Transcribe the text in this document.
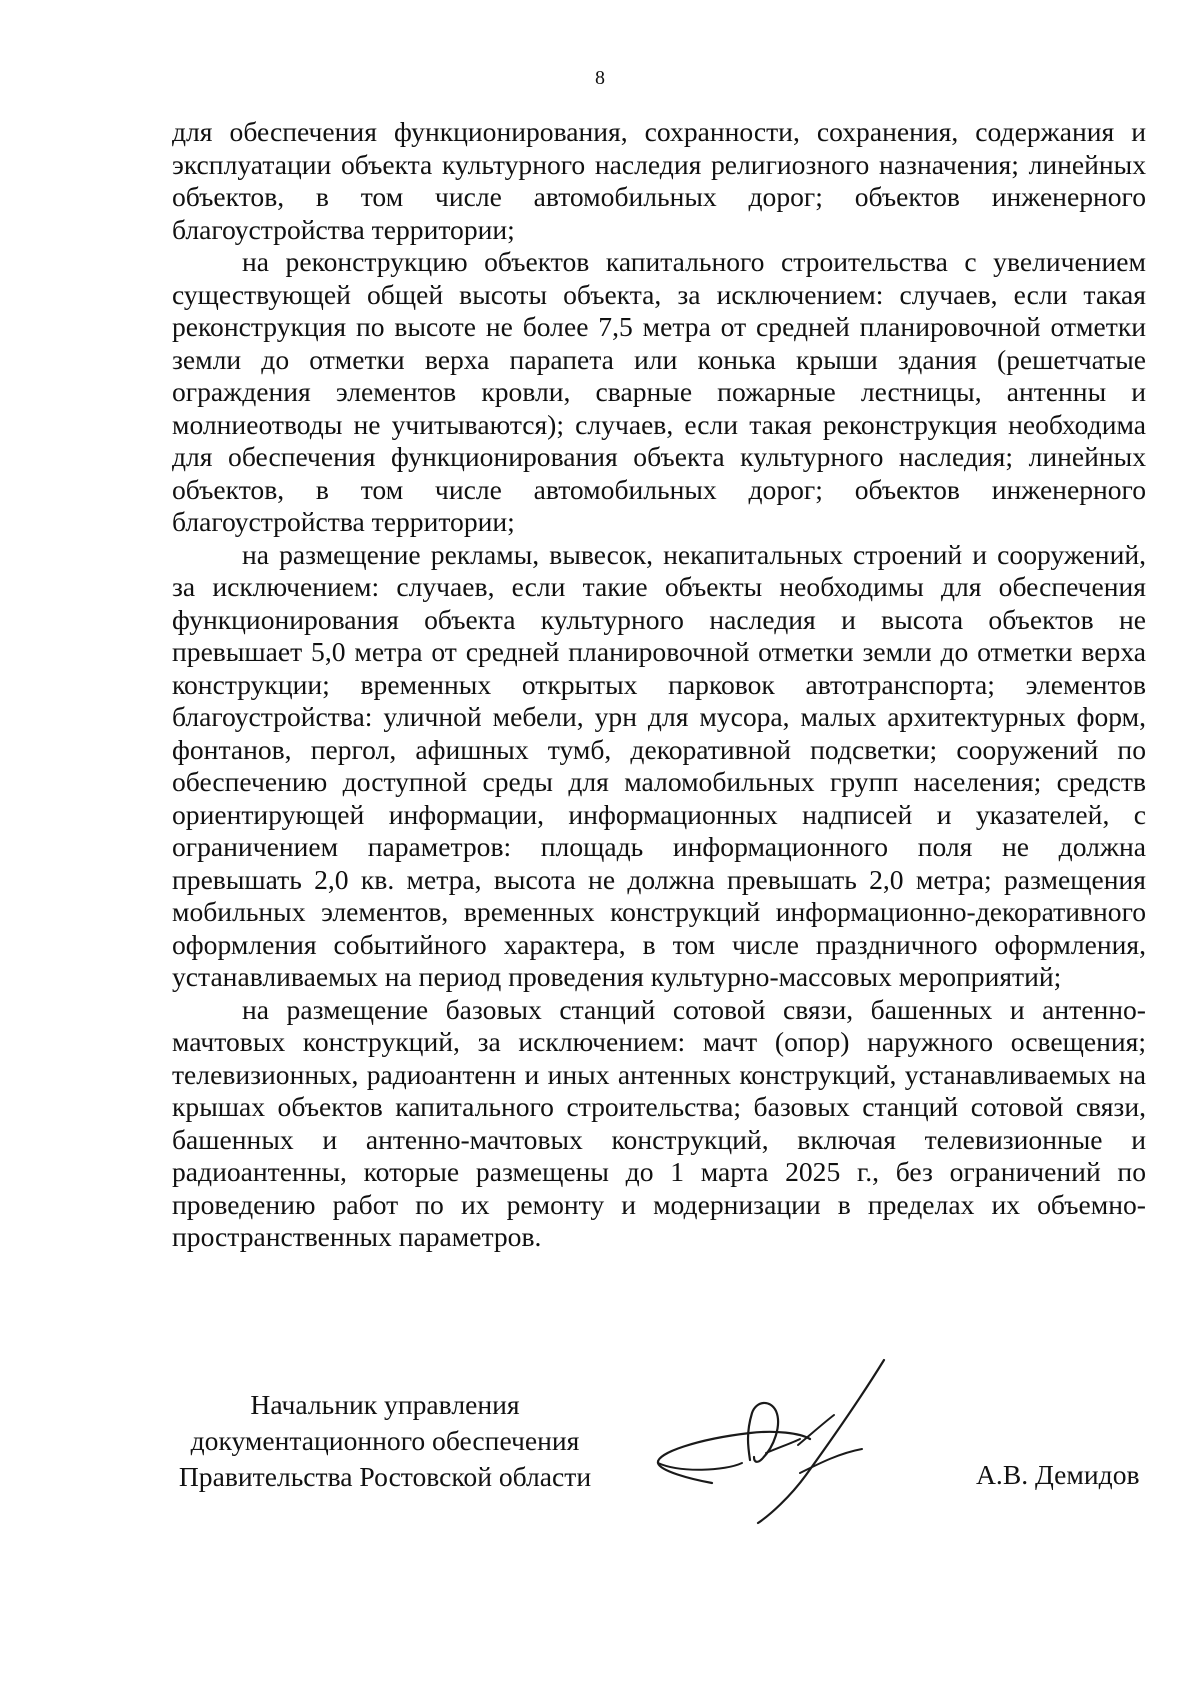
8

для обеспечения функционирования, сохранности, сохранения, содержания и эксплуатации объекта культурного наследия религиозного назначения; линейных объектов, в том числе автомобильных дорог; объектов инженерного благоустройства территории;

на реконструкцию объектов капитального строительства с увеличением существующей общей высоты объекта, за исключением: случаев, если такая реконструкция по высоте не более 7,5 метра от средней планировочной отметки земли до отметки верха парапета или конька крыши здания (решетчатые ограждения элементов кровли, сварные пожарные лестницы, антенны и молниеотводы не учитываются); случаев, если такая реконструкция необходима для обеспечения функционирования объекта культурного наследия; линейных объектов, в том числе автомобильных дорог; объектов инженерного благоустройства территории;

на размещение рекламы, вывесок, некапитальных строений и сооружений, за исключением: случаев, если такие объекты необходимы для обеспечения функционирования объекта культурного наследия и высота объектов не превышает 5,0 метра от средней планировочной отметки земли до отметки верха конструкции; временных открытых парковок автотранспорта; элементов благоустройства: уличной мебели, урн для мусора, малых архитектурных форм, фонтанов, пергол, афишных тумб, декоративной подсветки; сооружений по обеспечению доступной среды для маломобильных групп населения; средств ориентирующей информации, информационных надписей и указателей, с ограничением параметров: площадь информационного поля не должна превышать 2,0 кв. метра, высота не должна превышать 2,0 метра; размещения мобильных элементов, временных конструкций информационно-декоративного оформления событийного характера, в том числе праздничного оформления, устанавливаемых на период проведения культурно-массовых мероприятий;

на размещение базовых станций сотовой связи, башенных и антенно-мачтовых конструкций, за исключением: мачт (опор) наружного освещения; телевизионных, радиоантенн и иных антенных конструкций, устанавливаемых на крышах объектов капитального строительства; базовых станций сотовой связи, башенных и антенно-мачтовых конструкций, включая телевизионные и радиоантенны, которые размещены до 1 марта 2025 г., без ограничений по проведению работ по их ремонту и модернизации в пределах их объемно-пространственных параметров.

Начальник управления
документационного обеспечения
Правительства Ростовской области	А.В. Демидов
